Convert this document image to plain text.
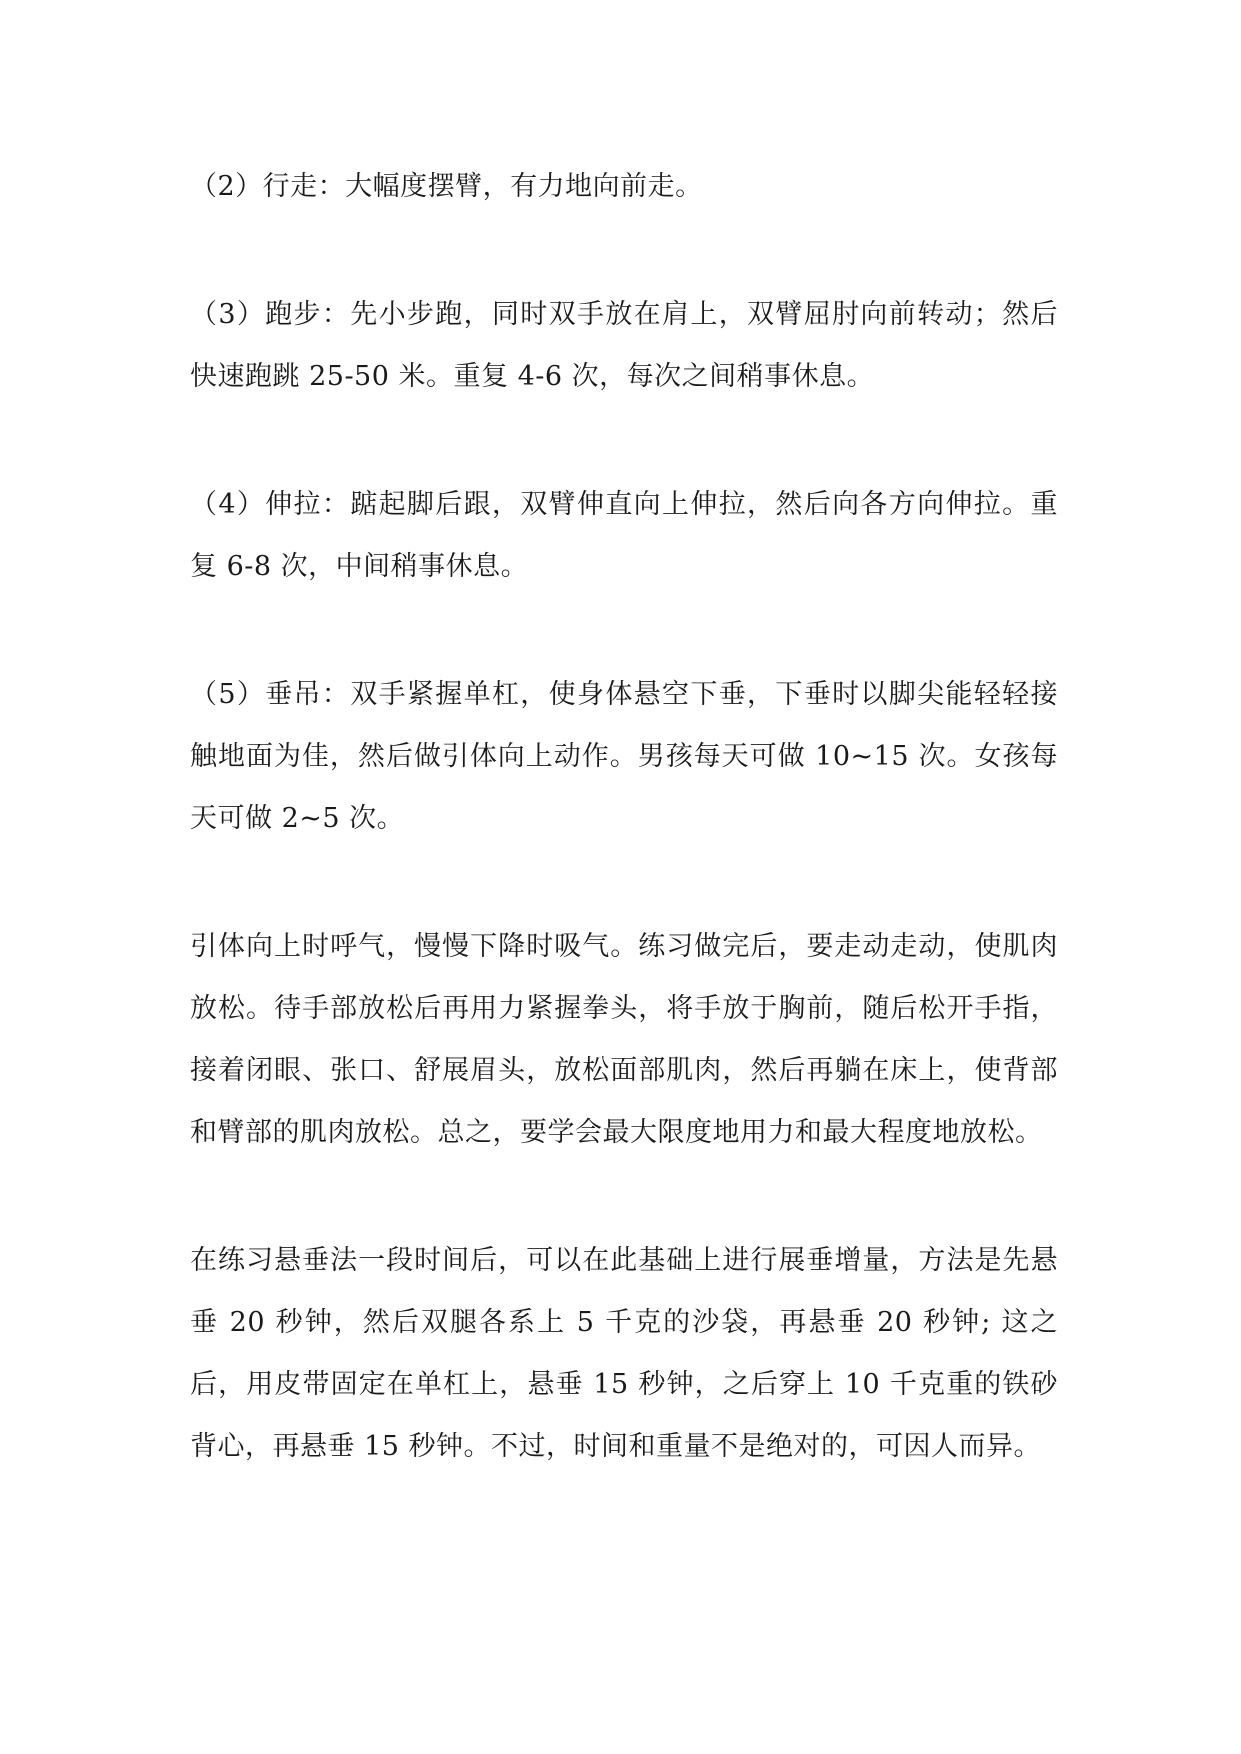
（2）行走：大幅度摆臂，有力地向前走。

（3）跑步：先小步跑，同时双手放在肩上，双臂屈肘向前转动；然后快速跑跳 25-50 米。重复 4-6 次，每次之间稍事休息。

（4）伸拉：踮起脚后跟，双臂伸直向上伸拉，然后向各方向伸拉。重复 6-8 次，中间稍事休息。

（5）垂吊：双手紧握单杠，使身体悬空下垂，下垂时以脚尖能轻轻接触地面为佳，然后做引体向上动作。男孩每天可做 10~15 次。女孩每天可做 2~5 次。

引体向上时呼气，慢慢下降时吸气。练习做完后，要走动走动，使肌肉放松。待手部放松后再用力紧握拳头，将手放于胸前，随后松开手指，接着闭眼、张口、舒展眉头，放松面部肌肉，然后再躺在床上，使背部和臂部的肌肉放松。总之，要学会最大限度地用力和最大程度地放松。

在练习悬垂法一段时间后，可以在此基础上进行展垂增量，方法是先悬垂 20 秒钟，然后双腿各系上 5 千克的沙袋，再悬垂 20 秒钟; 这之后，用皮带固定在单杠上，悬垂 15 秒钟，之后穿上 10 千克重的铁砂背心，再悬垂 15 秒钟。不过，时间和重量不是绝对的，可因人而异。
